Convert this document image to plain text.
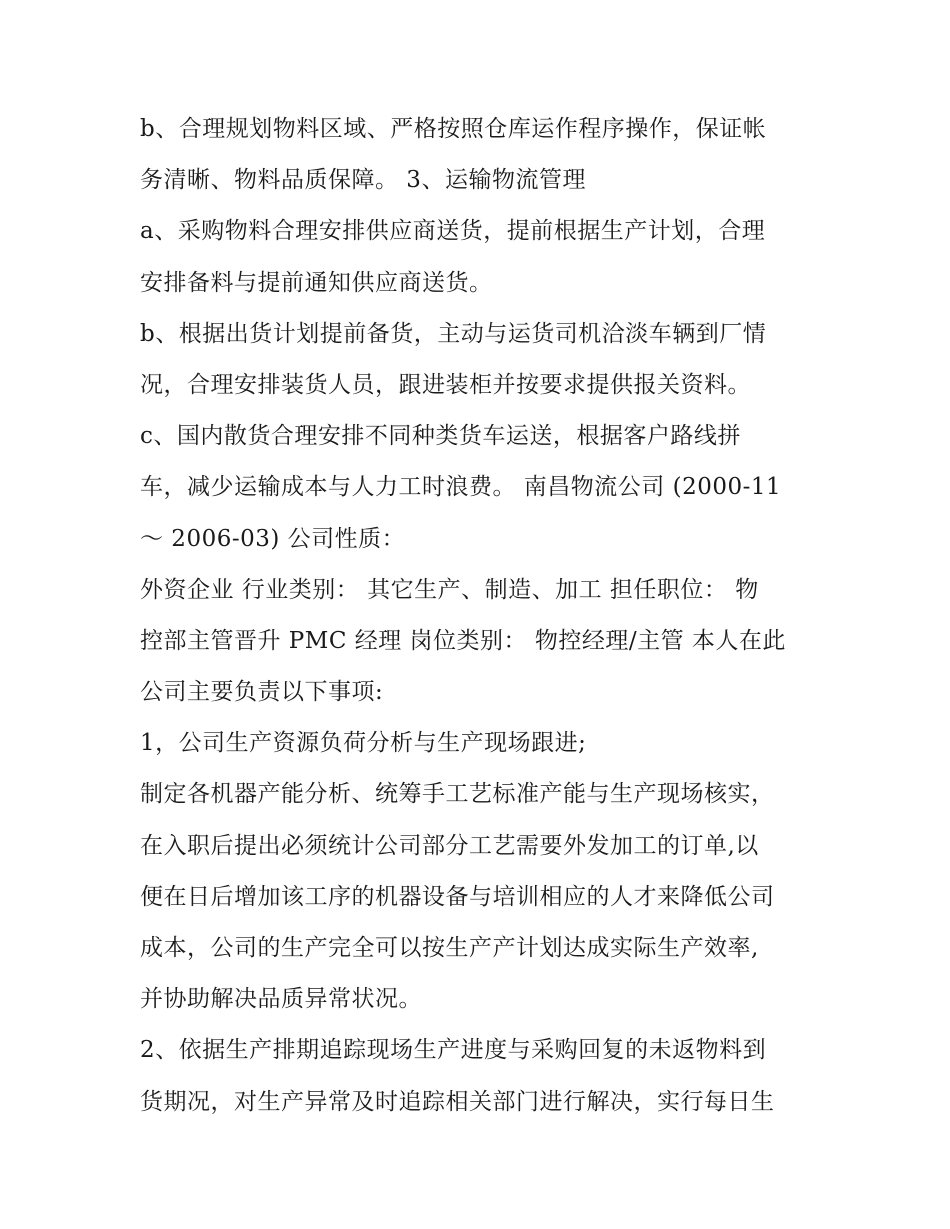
b、合理规划物料区域、严格按照仓库运作程序操作，保证帐
务清晰、物料品质保障。 3、运输物流管理
a、采购物料合理安排供应商送货，提前根据生产计划，合理
安排备料与提前通知供应商送货。
b、根据出货计划提前备货，主动与运货司机洽淡车辆到厂情
况，合理安排装货人员，跟进装柜并按要求提供报关资料。
c、国内散货合理安排不同种类货车运送，根据客户路线拼
车，减少运输成本与人力工时浪费。 南昌物流公司 (2000-11
～ 2006-03) 公司性质：
外资企业 行业类别： 其它生产、制造、加工 担任职位： 物
控部主管晋升 PMC 经理 岗位类别： 物控经理/主管 本人在此
公司主要负责以下事项:
1，公司生产资源负荷分析与生产现场跟进;
制定各机器产能分析、统筹手工艺标准产能与生产现场核实，
在入职后提出必须统计公司部分工艺需要外发加工的订单,以
便在日后增加该工序的机器设备与培训相应的人才来降低公司
成本，公司的生产完全可以按生产产计划达成实际生产效率,
并协助解决品质异常状况。
2、依据生产排期追踪现场生产进度与采购回复的未返物料到
货期况，对生产异常及时追踪相关部门进行解决，实行每日生
